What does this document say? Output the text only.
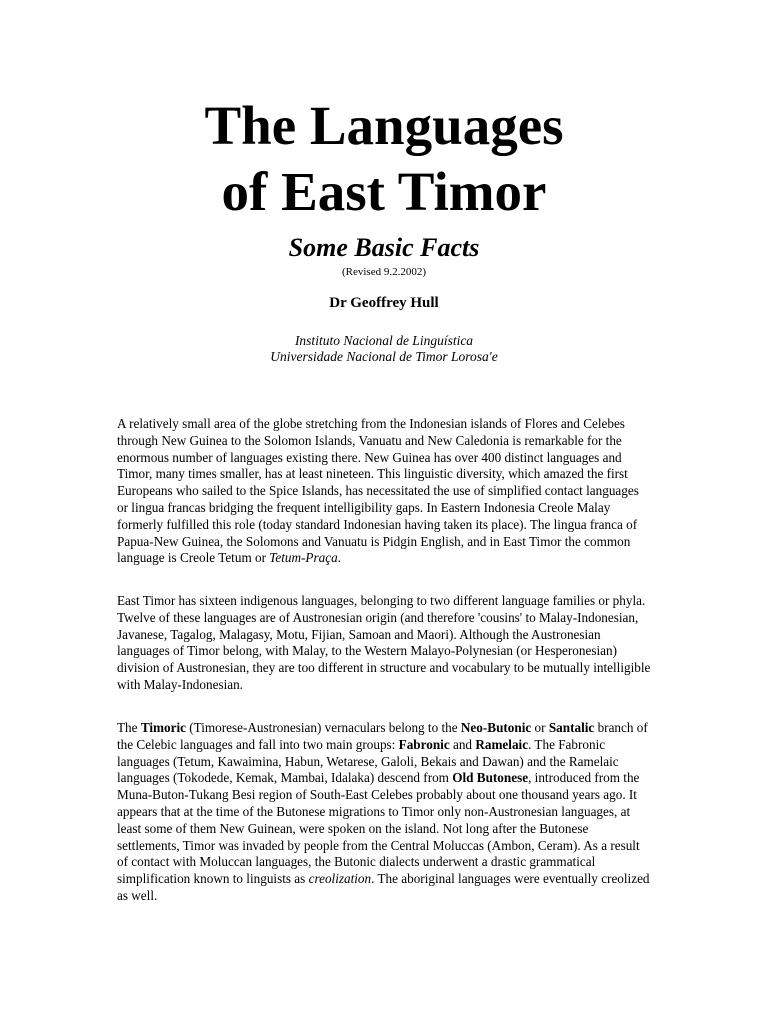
The Languages
of East Timor
Some Basic Facts
(Revised 9.2.2002)
Dr Geoffrey Hull
Instituto Nacional de Linguística
Universidade Nacional de Timor Lorosa'e

A relatively small area of the globe stretching from the Indonesian islands of Flores and Celebes through New Guinea to the Solomon Islands, Vanuatu and New Caledonia is remarkable for the enormous number of languages existing there. New Guinea has over 400 distinct languages and Timor, many times smaller, has at least nineteen. This linguistic diversity, which amazed the first Europeans who sailed to the Spice Islands, has necessitated the use of simplified contact languages or lingua francas bridging the frequent intelligibility gaps. In Eastern Indonesia Creole Malay formerly fulfilled this role (today standard Indonesian having taken its place). The lingua franca of Papua-New Guinea, the Solomons and Vanuatu is Pidgin English, and in East Timor the common language is Creole Tetum or Tetum-Praça.

East Timor has sixteen indigenous languages, belonging to two different language families or phyla. Twelve of these languages are of Austronesian origin (and therefore 'cousins' to Malay-Indonesian, Javanese, Tagalog, Malagasy, Motu, Fijian, Samoan and Maori). Although the Austronesian languages of Timor belong, with Malay, to the Western Malayo-Polynesian (or Hesperonesian) division of Austronesian, they are too different in structure and vocabulary to be mutually intelligible with Malay-Indonesian.

The Timoric (Timorese-Austronesian) vernaculars belong to the Neo-Butonic or Santalic branch of the Celebic languages and fall into two main groups: Fabronic and Ramelaic. The Fabronic languages (Tetum, Kawaimina, Habun, Wetarese, Galoli, Bekais and Dawan) and the Ramelaic languages (Tokodede, Kemak, Mambai, Idalaka) descend from Old Butonese, introduced from the Muna-Buton-Tukang Besi region of South-East Celebes probably about one thousand years ago. It appears that at the time of the Butonese migrations to Timor only non-Austronesian languages, at least some of them New Guinean, were spoken on the island. Not long after the Butonese settlements, Timor was invaded by people from the Central Moluccas (Ambon, Ceram). As a result of contact with Moluccan languages, the Butonic dialects underwent a drastic grammatical simplification known to linguists as creolization. The aboriginal languages were eventually creolized as well.
